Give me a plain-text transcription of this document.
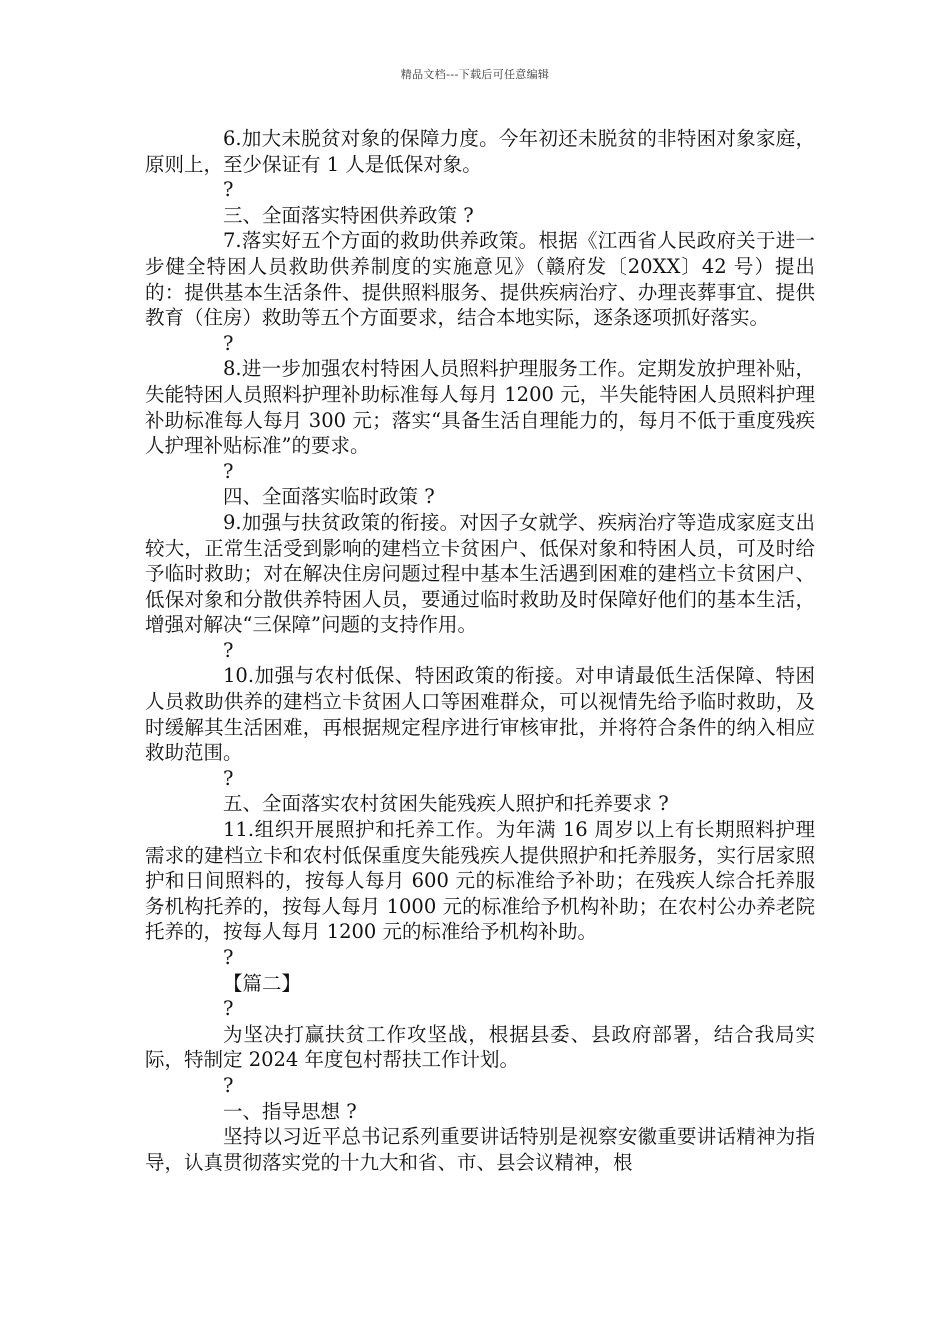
精品文档---下载后可任意编辑

6.加大未脱贫对象的保障力度。今年初还未脱贫的非特困对象家庭，原则上，至少保证有 1 人是低保对象。

?

三、全面落实特困供养政策 ?

7.落实好五个方面的救助供养政策。根据《江西省人民政府关于进一步健全特困人员救助供养制度的实施意见》（赣府发〔20XX〕42 号）提出的：提供基本生活条件、提供照料服务、提供疾病治疗、办理丧葬事宜、提供教育（住房）救助等五个方面要求，结合本地实际，逐条逐项抓好落实。

?

8.进一步加强农村特困人员照料护理服务工作。定期发放护理补贴，失能特困人员照料护理补助标准每人每月 1200 元，半失能特困人员照料护理补助标准每人每月 300 元；落实“具备生活自理能力的，每月不低于重度残疾人护理补贴标准”的要求。

?

四、全面落实临时政策 ?

9.加强与扶贫政策的衔接。对因子女就学、疾病治疗等造成家庭支出较大，正常生活受到影响的建档立卡贫困户、低保对象和特困人员，可及时给予临时救助；对在解决住房问题过程中基本生活遇到困难的建档立卡贫困户、低保对象和分散供养特困人员，要通过临时救助及时保障好他们的基本生活，增强对解决“三保障”问题的支持作用。

?

10.加强与农村低保、特困政策的衔接。对申请最低生活保障、特困人员救助供养的建档立卡贫困人口等困难群众，可以视情先给予临时救助，及时缓解其生活困难，再根据规定程序进行审核审批，并将符合条件的纳入相应救助范围。

?

五、全面落实农村贫困失能残疾人照护和托养要求 ?

11.组织开展照护和托养工作。为年满 16 周岁以上有长期照料护理需求的建档立卡和农村低保重度失能残疾人提供照护和托养服务，实行居家照护和日间照料的，按每人每月 600 元的标准给予补助；在残疾人综合托养服务机构托养的，按每人每月 1000 元的标准给予机构补助；在农村公办养老院托养的，按每人每月 1200 元的标准给予机构补助。

?

【篇二】

?

为坚决打赢扶贫工作攻坚战，根据县委、县政府部署，结合我局实际，特制定 2024 年度包村帮扶工作计划。

?

一、指导思想 ?

坚持以习近平总书记系列重要讲话特别是视察安徽重要讲话精神为指导，认真贯彻落实党的十九大和省、市、县会议精神，根
